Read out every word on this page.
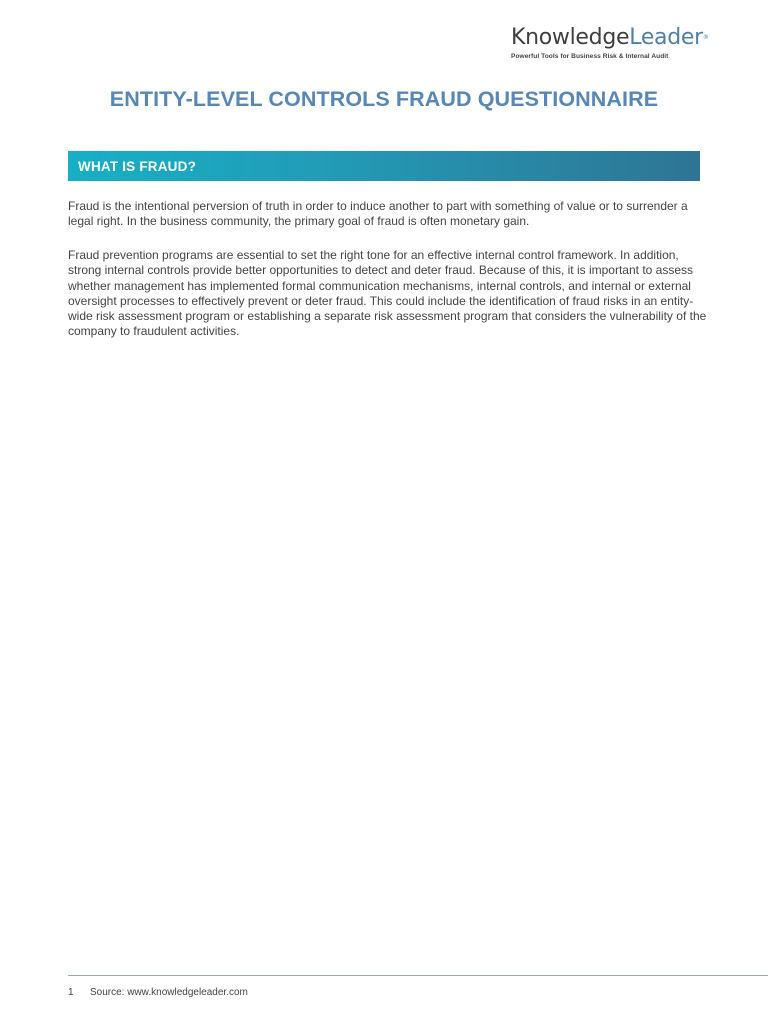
KnowledgeLeader®
Powerful Tools for Business Risk & Internal Audit
ENTITY-LEVEL CONTROLS FRAUD QUESTIONNAIRE
WHAT IS FRAUD?

Fraud is the intentional perversion of truth in order to induce another to part with something of value or to surrender a legal right. In the business community, the primary goal of fraud is often monetary gain.

Fraud prevention programs are essential to set the right tone for an effective internal control framework. In addition, strong internal controls provide better opportunities to detect and deter fraud. Because of this, it is important to assess whether management has implemented formal communication mechanisms, internal controls, and internal or external oversight processes to effectively prevent or deter fraud. This could include the identification of fraud risks in an entity-wide risk assessment program or establishing a separate risk assessment program that considers the vulnerability of the company to fraudulent activities.

1 Source: www.knowledgeleader.com
